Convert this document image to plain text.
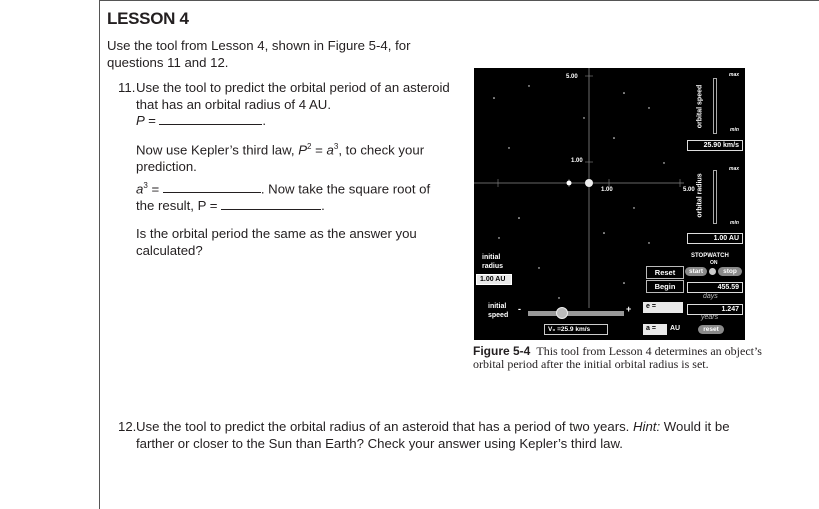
LESSON 4
Use the tool from Lesson 4, shown in Figure 5-4, for questions 11 and 12.
11. Use the tool to predict the orbital period of an asteroid that has an orbital radius of 4 AU.
P =	.
Now use Kepler’s third law, $P^2 = a^3$, to check your prediction.
$a^3$ =	. Now take the square root of
the result, P =	.
Is the orbital period the same as the answer you calculated?
5.00
1.00
1.00	5.00
orbital speed
max
min
25.90 km/s
orbital radius
max
min
1.00 AU
initial
radius
1.00 AU
Reset
Begin
STOPWATCH
ON
start	stop
455.59
days
1.247
years
reset
initial
speed
-	+
V₀ =25.9 km/s
e =
a =	AU
Figure 5-4 This tool from Lesson 4 determines an object’s orbital period after the initial orbital radius is set.
12. Use the tool to predict the orbital radius of an asteroid that has a period of two years. Hint: Would it be farther or closer to the Sun than Earth? Check your answer using Kepler’s third law.
